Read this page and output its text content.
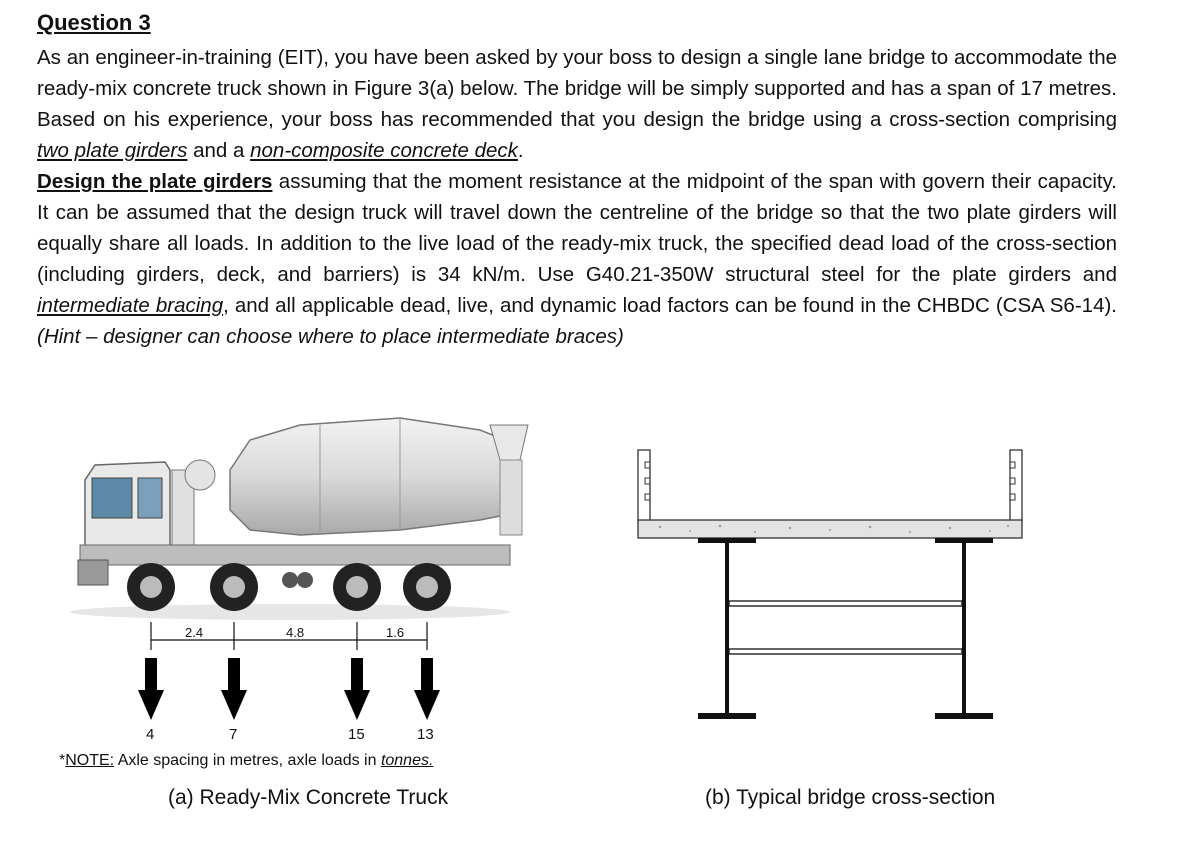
Question 3
As an engineer-in-training (EIT), you have been asked by your boss to design a single lane bridge to accommodate the ready-mix concrete truck shown in Figure 3(a) below. The bridge will be simply supported and has a span of 17 metres. Based on his experience, your boss has recommended that you design the bridge using a cross-section comprising two plate girders and a non-composite concrete deck.
Design the plate girders assuming that the moment resistance at the midpoint of the span with govern their capacity. It can be assumed that the design truck will travel down the centreline of the bridge so that the two plate girders will equally share all loads. In addition to the live load of the ready-mix truck, the specified dead load of the cross-section (including girders, deck, and barriers) is 34 kN/m. Use G40.21-350W structural steel for the plate girders and intermediate bracing, and all applicable dead, live, and dynamic load factors can be found in the CHBDC (CSA S6-14). (Hint – designer can choose where to place intermediate braces)
2.4	4.8	1.6
4	7	15	13
*NOTE: Axle spacing in metres, axle loads in tonnes.
(a) Ready-Mix Concrete Truck	(b) Typical bridge cross-section
